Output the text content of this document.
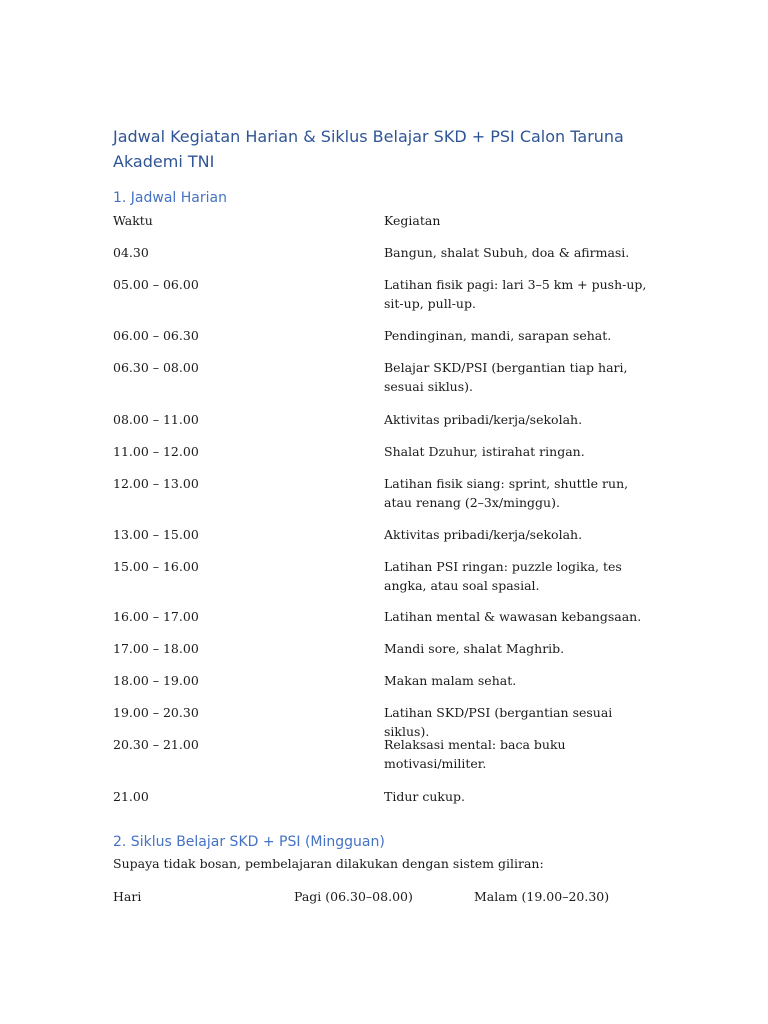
Jadwal Kegiatan Harian & Siklus Belajar SKD + PSI Calon Taruna Akademi TNI
1. Jadwal Harian
Waktu	Kegiatan
04.30	Bangun, shalat Subuh, doa & afirmasi.
05.00 – 06.00	Latihan fisik pagi: lari 3–5 km + push-up, sit-up, pull-up.
06.00 – 06.30	Pendinginan, mandi, sarapan sehat.
06.30 – 08.00	Belajar SKD/PSI (bergantian tiap hari, sesuai siklus).
08.00 – 11.00	Aktivitas pribadi/kerja/sekolah.
11.00 – 12.00	Shalat Dzuhur, istirahat ringan.
12.00 – 13.00	Latihan fisik siang: sprint, shuttle run, atau renang (2–3x/minggu).
13.00 – 15.00	Aktivitas pribadi/kerja/sekolah.
15.00 – 16.00	Latihan PSI ringan: puzzle logika, tes angka, atau soal spasial.
16.00 – 17.00	Latihan mental & wawasan kebangsaan.
17.00 – 18.00	Mandi sore, shalat Maghrib.
18.00 – 19.00	Makan malam sehat.
19.00 – 20.30	Latihan SKD/PSI (bergantian sesuai siklus).
20.30 – 21.00	Relaksasi mental: baca buku motivasi/militer.
21.00	Tidur cukup.
2. Siklus Belajar SKD + PSI (Mingguan)
Supaya tidak bosan, pembelajaran dilakukan dengan sistem giliran:
Hari	Pagi (06.30–08.00)	Malam (19.00–20.30)
